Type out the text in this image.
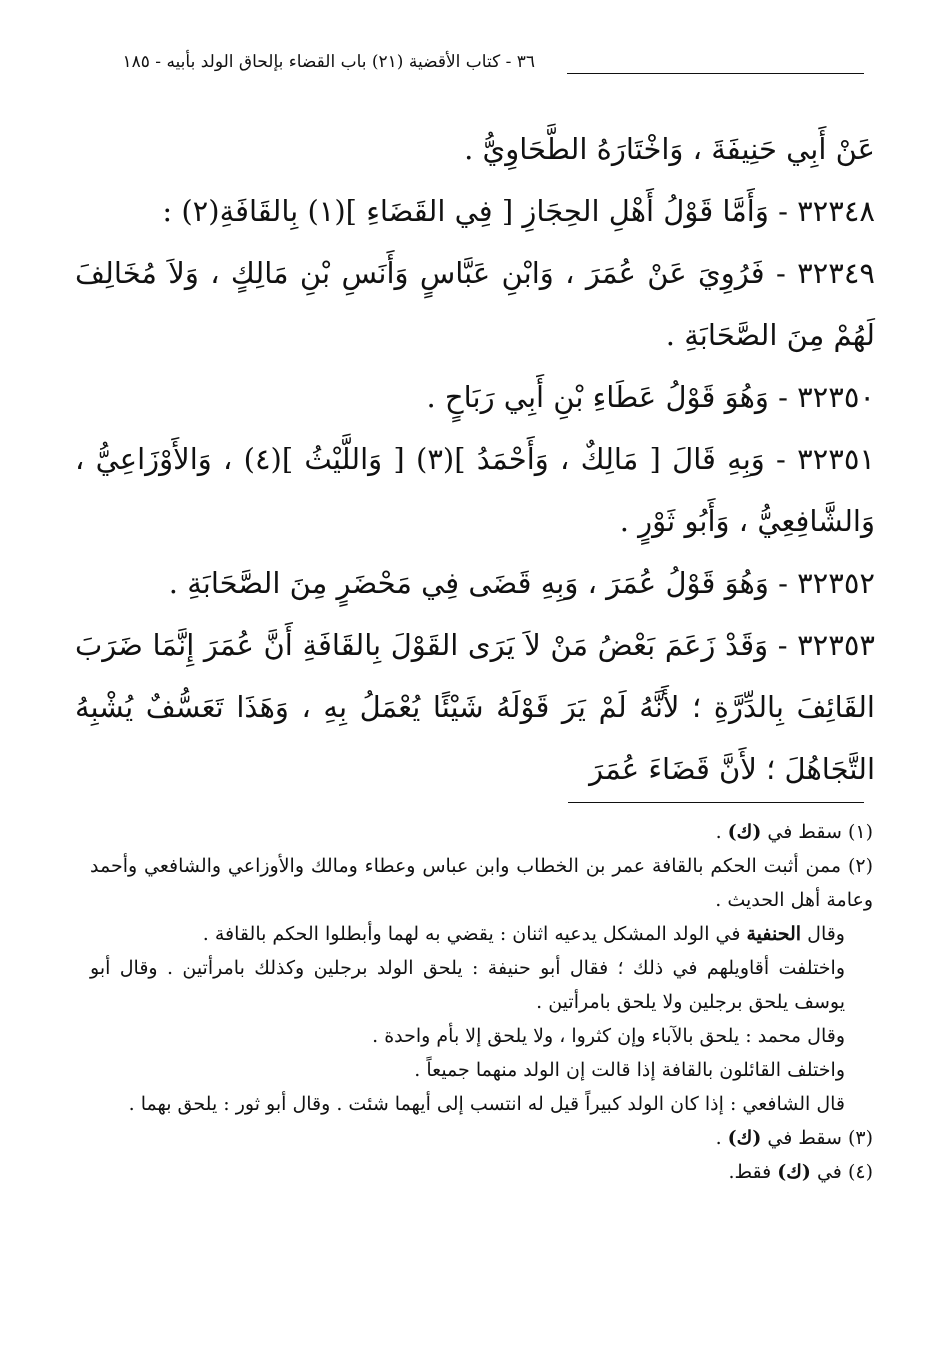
٣٦ - كتاب الأقضية (٢١) باب القضاء بإلحاق الولد بأبيه - ١٨٥

عَنْ أَبِي حَنِيفَةَ ، وَاخْتَارَهُ الطَّحَاوِيُّ .

٣٢٣٤٨ - وَأَمَّا قَوْلُ أَهْلِ الحِجَازِ [ فِي القَضَاءِ ](١) بِالقَافَةِ(٢) :

٣٢٣٤٩ - فَرُوِيَ عَنْ عُمَرَ ، وَابْنِ عَبَّاسٍ وَأَنَسِ بْنِ مَالِكٍ ، وَلاَ مُخَالِفَ لَهُمْ مِنَ الصَّحَابَةِ .

٣٢٣٥٠ - وَهُوَ قَوْلُ عَطَاءِ بْنِ أَبِي رَبَاحٍ .

٣٢٣٥١ - وَبِهِ قَالَ [ مَالِكٌ ، وَأَحْمَدُ ](٣) [ وَاللَّيْثُ ](٤) ، وَالأَوْزَاعِيُّ ، وَالشَّافِعِيُّ ، وَأَبُو ثَوْرٍ .

٣٢٣٥٢ - وَهُوَ قَوْلُ عُمَرَ ، وَبِهِ قَضَى فِي مَحْضَرٍ مِنَ الصَّحَابَةِ .

٣٢٣٥٣ - وَقَدْ زَعَمَ بَعْضُ مَنْ لاَ يَرَى القَوْلَ بِالقَافَةِ أَنَّ عُمَرَ إِنَّمَا ضَرَبَ القَائِفَ بِالدِّرَّةِ ؛ لأَنَّهُ لَمْ يَرَ قَوْلَهُ شَيْئًا يُعْمَلُ بِهِ ، وَهَذَا تَعَسُّفٌ يُشْبِهُ التَّجَاهُلَ ؛ لأَنَّ قَضَاءَ عُمَرَ

(١) سقط في (ك) .

(٢) ممن أثبت الحكم بالقافة عمر بن الخطاب وابن عباس وعطاء ومالك والأوزاعي والشافعي وأحمد وعامة أهل الحديث .

وقال الحنفية في الولد المشكل يدعيه اثنان : يقضي به لهما وأبطلوا الحكم بالقافة .

واختلفت أقاويلهم في ذلك ؛ فقال أبو حنيفة : يلحق الولد برجلين وكذلك بامرأتين . وقال أبو يوسف يلحق برجلين ولا يلحق بامرأتين .

وقال محمد : يلحق بالآباء وإن كثروا ، ولا يلحق إلا بأم واحدة .

واختلف القائلون بالقافة إذا قالت إن الولد منهما جميعاً .

قال الشافعي : إذا كان الولد كبيراً قيل له انتسب إلى أيهما شئت . وقال أبو ثور : يلحق بهما .

(٣) سقط في (ك) .

(٤) في (ك) فقط.
